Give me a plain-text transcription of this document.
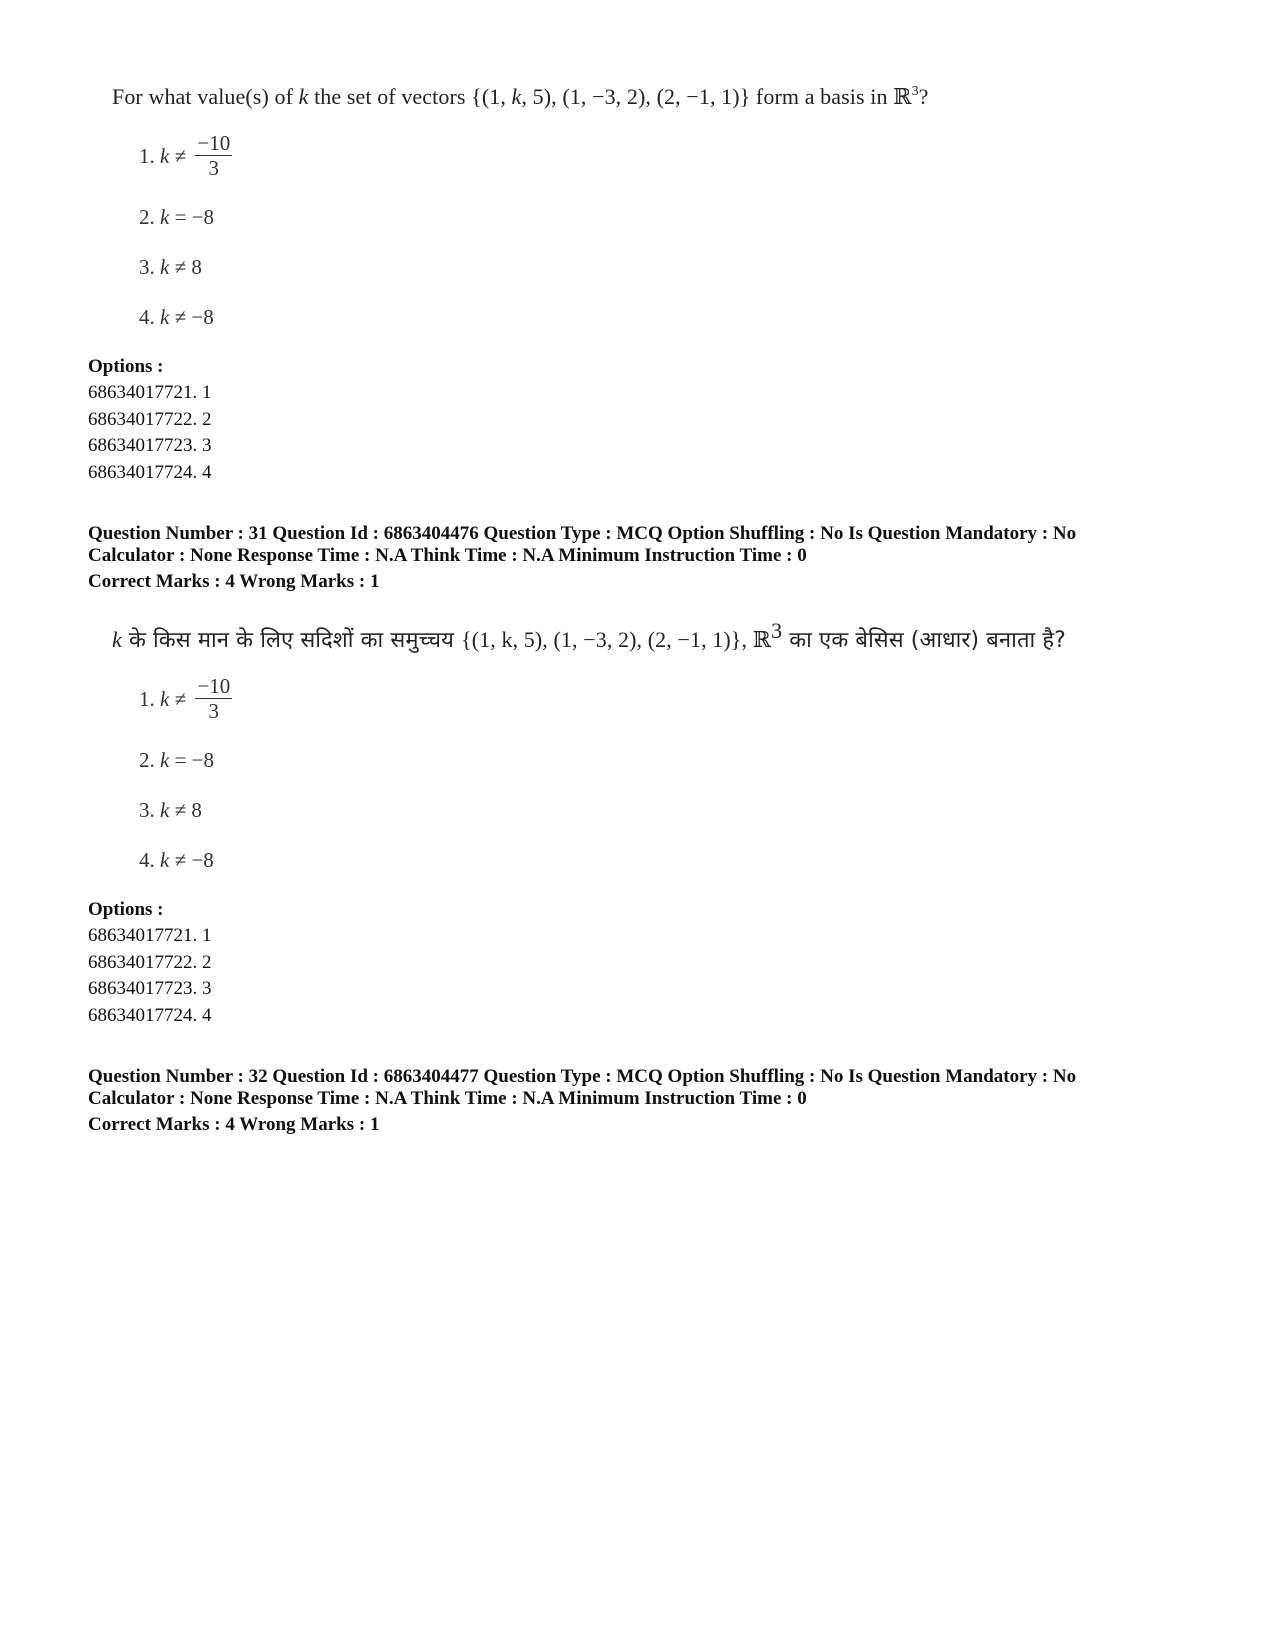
For what value(s) of k the set of vectors {(1, k, 5), (1, −3, 2), (2, −1, 1)} form a basis in ℝ$^3$?
1. $k \ne \frac{-10}{3}$
2. k = −8
3. k ≠ 8
4. k ≠ −8
Options :
68634017721. 1
68634017722. 2
68634017723. 3
68634017724. 4
Question Number : 31 Question Id : 6863404476 Question Type : MCQ Option Shuffling : No Is Question Mandatory : No
Calculator : None Response Time : N.A Think Time : N.A Minimum Instruction Time : 0
Correct Marks : 4 Wrong Marks : 1
k के किस मान के लिए सदिशों का समुच्चय {(1, k, 5), (1, −3, 2), (2, −1, 1)}, ℝ$^3$ का एक बेसिस (आधार) बनाता है?
1. $k \ne \frac{-10}{3}$
2. k = −8
3. k ≠ 8
4. k ≠ −8
Options :
68634017721. 1
68634017722. 2
68634017723. 3
68634017724. 4
Question Number : 32 Question Id : 6863404477 Question Type : MCQ Option Shuffling : No Is Question Mandatory : No
Calculator : None Response Time : N.A Think Time : N.A Minimum Instruction Time : 0
Correct Marks : 4 Wrong Marks : 1
